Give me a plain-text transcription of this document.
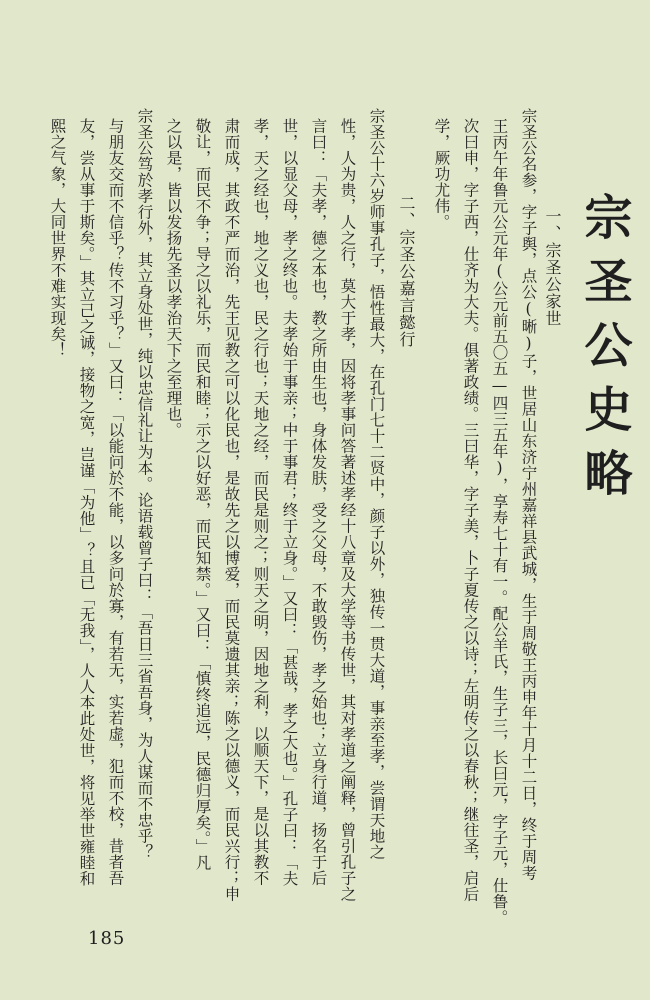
宗圣公史略
一、宗圣公家世
宗圣公名参，字子舆，点公(晰)子，世居山东济宁州嘉祥县武城，生于周敬王丙申年十月十二日，终于周考
王丙午年鲁元公元年(公元前五〇五—四三五年)，享寿七十有一。配公羊氏，生子三，长曰元，字子元，仕鲁。
次曰申，字子西，仕齐为大夫。俱著政绩。三曰华，字子美，卜子夏传之以诗；左明传之以春秋；继往圣，启后
学，厥功尤伟。
二、宗圣公嘉言懿行
宗圣公十六岁师事孔子，悟性最大，在孔门七十二贤中，颜子以外，独传一贯大道，事亲至孝，尝谓天地之
性，人为贵，人之行，莫大于孝，因将孝事问答著述孝经十八章及大学等书传世，其对孝道之阐释，曾引孔子之
言曰：「夫孝，德之本也，教之所由生也，身体发肤，受之父母，不敢毁伤，孝之始也；立身行道，扬名于后
世，以显父母，孝之终也。夫孝始于事亲；中于事君；终于立身。」又曰：「甚哉，孝之大也。」孔子曰：「夫
孝，天之经也，地之义也，民之行也；天地之经，而民是则之；则天之明，因地之利，以顺天下，是以其教不
肃而成，其政不严而治，先王见教之可以化民也，是故先之以博爱，而民莫遗其亲；陈之以德义，而民兴行；申
敬让，而民不争；导之以礼乐，而民和睦；示之以好恶，而民知禁。」又曰：「慎终追远，民德归厚矣。」凡
之以是，皆以发扬先圣以孝治天下之至理也。
宗圣公笃於孝行外，其立身处世，纯以忠信礼让为本。论语载曾子曰：「吾日三省吾身，为人谋而不忠乎？
与朋友交而不信乎？传不习乎？」又曰：「以能问於不能，以多问於寡，有若无，实若虚，犯而不校，昔者吾
友，尝从事于斯矣。」其立己之诚，接物之宽，岂谨「为他」？且已「无我」，人人本此处世，将见举世雍睦和
熙之气象，大同世界不难实现矣！
185
